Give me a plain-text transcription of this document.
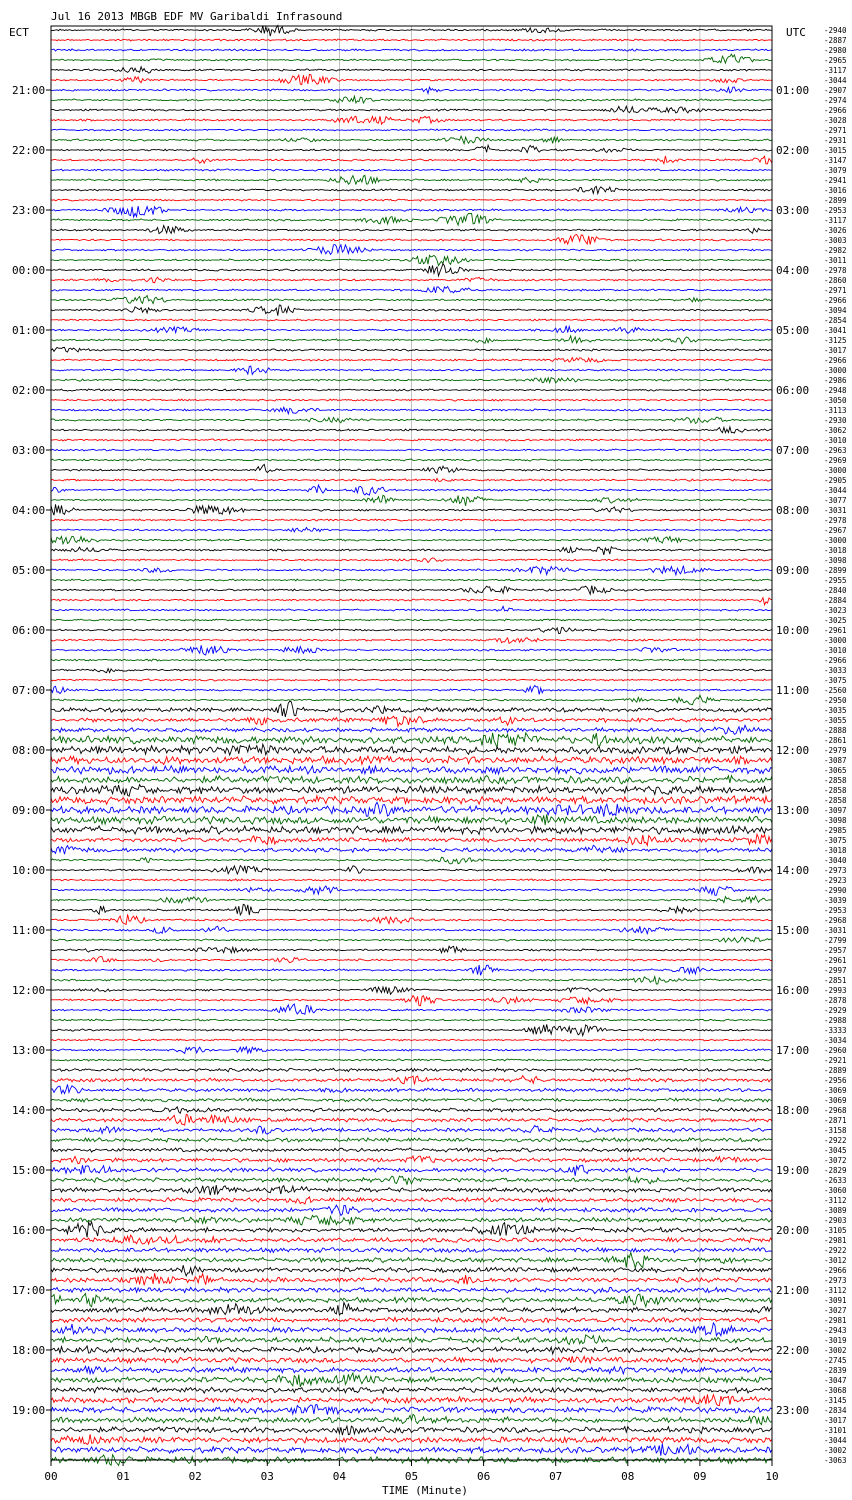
Jul 16 2013 MBGB EDF MV Garibaldi Infrasound
ECT	UTC
TIME (Minute)
21:00
22:00
23:00
00:00
01:00
02:00
03:00
04:00
05:00
06:00
07:00
08:00
09:00
10:00
11:00
12:00
13:00
14:00
15:00
16:00
17:00
18:00
19:00
01:00
02:00
03:00
04:00
05:00
06:00
07:00
08:00
09:00
10:00
11:00
12:00
13:00
14:00
15:00
16:00
17:00
18:00
19:00
20:00
21:00
22:00
23:00
-2940
-2887
-2980
-2965
-3117
-3044
-2907
-2974
-2966
-3028
-2971
-2931
-3015
-3147
-3079
-2941
-3016
-2899
-2953
-3117
-3026
-3003
-2982
-3011
-2978
-2860
-2971
-2966
-3094
-2854
-3041
-3125
-3017
-2966
-3000
-2986
-2948
-3050
-3113
-2930
-3062
-3010
-2963
-2969
-3000
-2905
-3044
-3077
-3031
-2978
-2967
-3000
-3018
-3098
-2899
-2955
-2840
-2884
-3023
-3025
-2961
-3000
-3010
-2966
-3033
-3075
-2560
-2950
-3035
-3055
-2888
-2861
-2979
-3087
-3065
-2858
-2858
-2858
-3097
-3098
-2985
-3075
-3018
-3040
-2973
-2923
-2990
-3039
-2953
-2968
-3031
-2799
-2957
-2961
-2997
-2851
-2993
-2878
-2929
-2988
-3333
-3034
-2960
-2921
-2889
-2956
-3069
-3069
-2968
-2871
-3158
-2922
-3045
-3072
-2829
-2633
-3060
-3112
-3089
-2903
-3105
-2981
-2922
-3012
-2966
-2973
-3112
-3091
-3027
-2981
-2943
-3019
-3002
-2745
-2839
-3047
-3068
-3145
-2834
-3017
-3101
-3044
-3002
-3063
00	01	02	03	04	05	06	07	08	09	10
